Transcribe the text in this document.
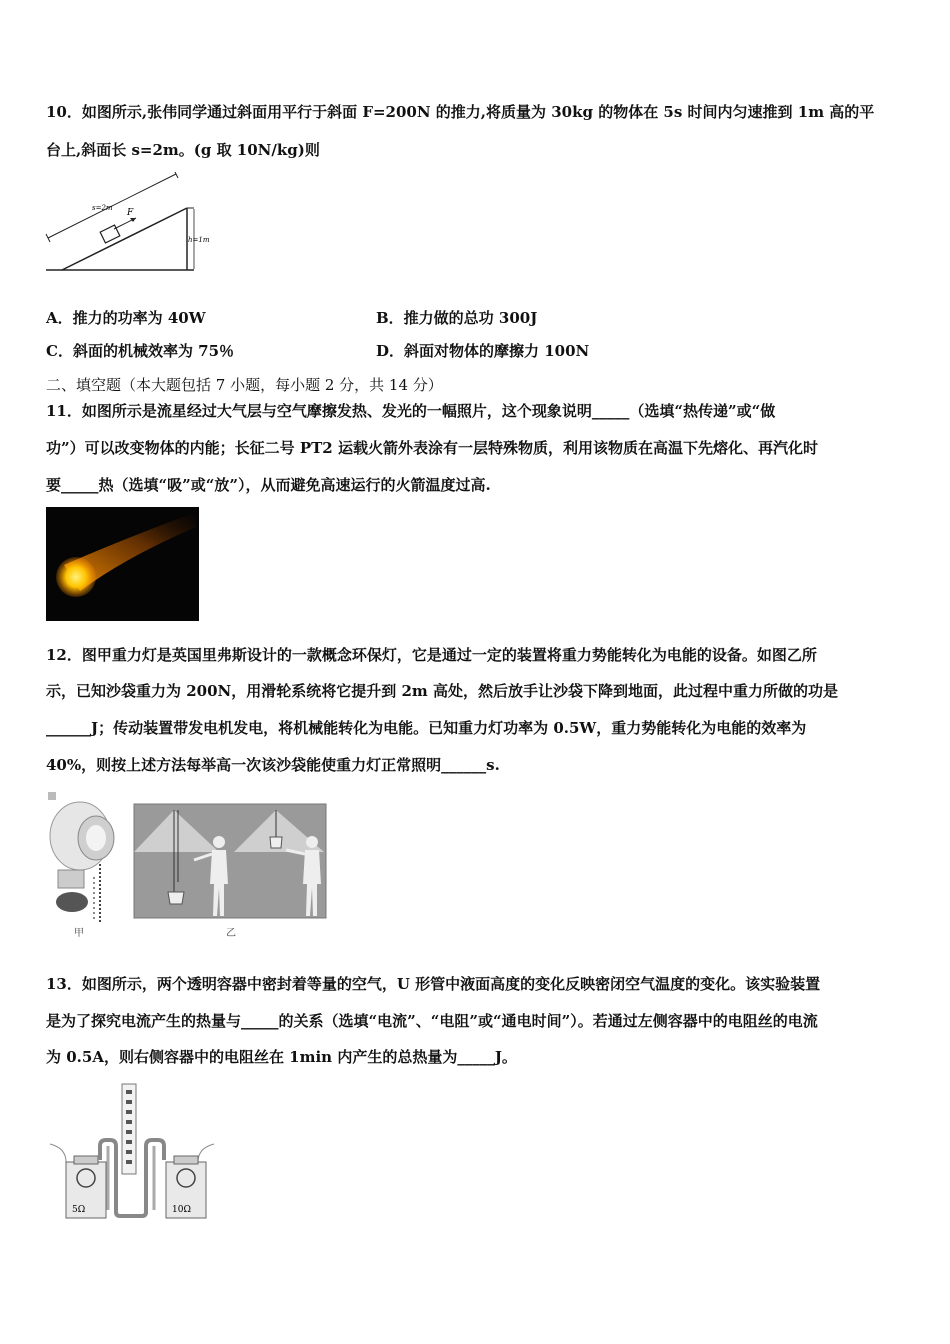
10．如图所示,张伟同学通过斜面用平行于斜面 F=200N 的推力,将质量为 30kg 的物体在 5s 时间内匀速推到 1m 高的平
台上,斜面长 s=2m。(g 取 10N/kg)则
s=2m F
h=1m
A．推力的功率为 40W	B．推力做的总功 300J
C．斜面的机械效率为 75％	D．斜面对物体的摩擦力 100N
二、填空题（本大题包括 7 小题，每小题 2 分，共 14 分）
11．如图所示是流星经过大气层与空气摩擦发热、发光的一幅照片，这个现象说明_____（选填“热传递”或“做
功”）可以改变物体的内能；长征二号 PT2 运载火箭外表涂有一层特殊物质，利用该物质在高温下先熔化、再汽化时
要_____热（选填“吸”或“放”），从而避免高速运行的火箭温度过高.
12．图甲重力灯是英国里弗斯设计的一款概念环保灯，它是通过一定的装置将重力势能转化为电能的设备。如图乙所
示，已知沙袋重力为 200N，用滑轮系统将它提升到 2m 高处，然后放手让沙袋下降到地面，此过程中重力所做的功是
______J；传动装置带发电机发电，将机械能转化为电能。已知重力灯功率为 0.5W，重力势能转化为电能的效率为
40%，则按上述方法每举高一次该沙袋能使重力灯正常照明______s.
甲	乙
13．如图所示，两个透明容器中密封着等量的空气，U 形管中液面高度的变化反映密闭空气温度的变化。该实验装置
是为了探究电流产生的热量与_____的关系（选填“电流”、“电阻”或“通电时间”）。若通过左侧容器中的电阻丝的电流
为 0.5A，则右侧容器中的电阻丝在 1min 内产生的总热量为_____J。
5Ω	10Ω
